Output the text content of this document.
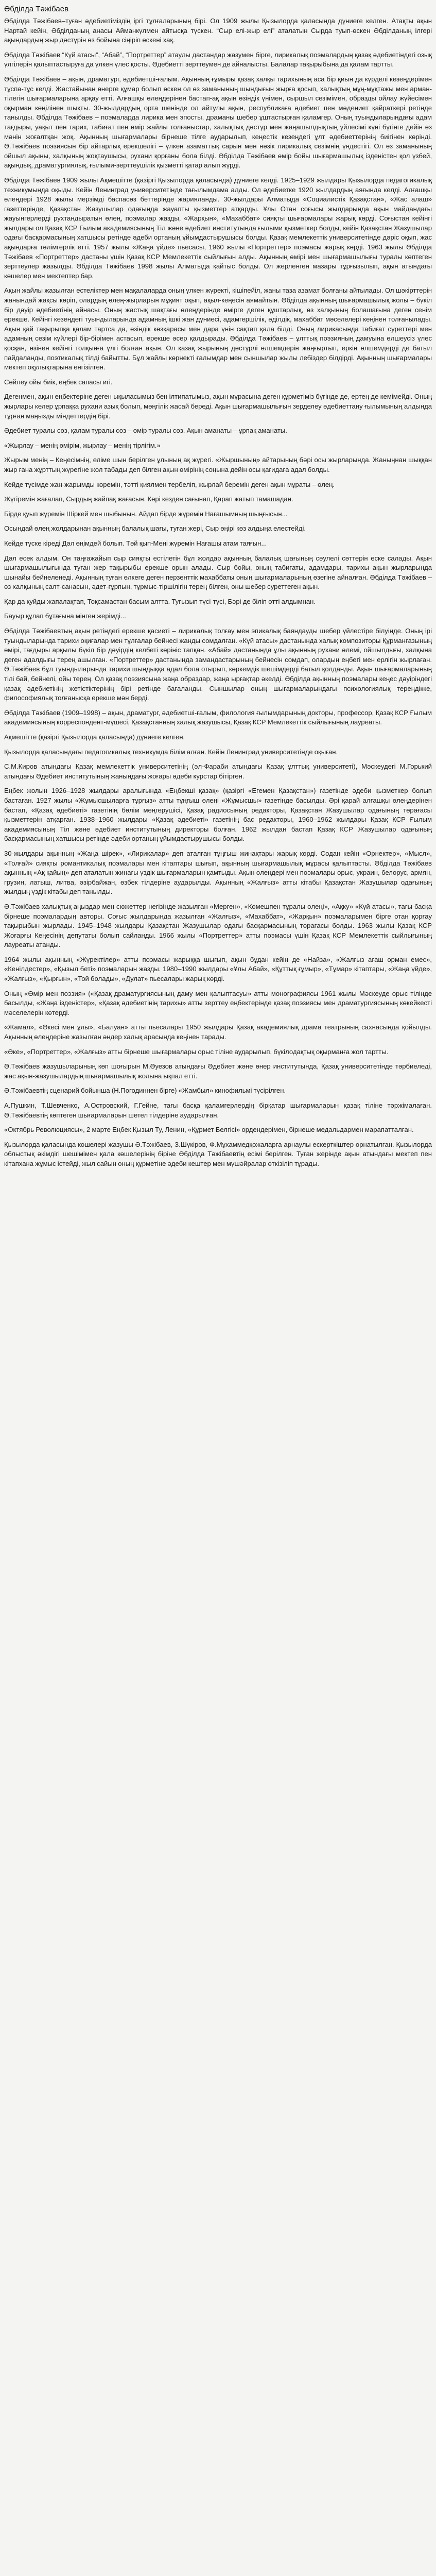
Әбділда Тәжібаев

Әбділда Тәжібаев–туған әдебиетіміздің іргі тұлғаларының бірі. Ол 1909 жылы Қызылорда қаласында дүниеге келген. Атақты ақын Нартай кейін, Әбділданың анасы Айманкүлмен айтысқа түскен. “Сыр елі-жыр елі” аталатын Сырда туып-өскен Әбділданың ілгері ақындардың жыр дәстүрін өз бойына сіңіріп өскені хақ.

Әбділда Тәжібаев “Күй атасы”, “Абай”, “Портреттер” атаулы дастандар жазумен бірге, лирикалық поэмалардың қазақ әдебиетіндегі озық үлгілерін қалыптастыруға да үлкен үлес қосты. Әдебиетті зерттеумен де айналысты. Балалар тақырыбына да қалам тартты.

Әбділда Тәжібаев – ақын, драматург, әдебиетші-ғалым. Ақынның ғұмыры қазақ халқы тарихының аса бір қиын да күрделі кезеңдерімен тұспа-тұс келді. Жастайынан өнерге құмар болып өскен ол өз заманының шындығын жырға қосып, халықтың мұң-мұқтажы мен арман-тілегін шығармаларына арқау етті. Алғашқы өлеңдерінен бастап-ақ ақын өзіндік үнімен, сыршыл сезімімен, образды ойлау жүйесімен оқырман көңілінен шықты. 30-жылдардың орта шенінде ол айтулы ақын, республикаға әдебиет пен мәдениет қайраткері ретінде танылды. Әбділда Тәжібаев – поэмаларда лирика мен эпосты, драманы шебер ұштастырған қаламгер. Оның туындыларындағы адам тағдыры, уақыт пен тарих, табиғат пен өмір жайлы толғаныстар, халықтық дәстүр мен жаңашылдықтың үйлесімі күні бүгінге дейін өз мәнін жоғалтқан жоқ. Ақынның шығармалары бірнеше тілге аударылып, кеңестік кезеңдегі ұлт әдебиеттерінің биігінен көрінді. Ә.Тәжібаев поэзиясын бір айтарлық ерекшелігі – үлкен азаматтық сарын мен нәзік лирикалық сезімнің үндестігі. Ол өз заманының ойшыл ақыны, халқының жоқтаушысы, рухани қорғаны бола білді. Әбділда Тәжібаев өмір бойы шығармашылық ізденістен қол үзбей, ақындық, драматургиялық, ғылыми-зерттеушілік қызметті қатар алып жүрді.

Әбділда Тәжібаев 1909 жылы Ақмешітте (қазіргі Қызылорда қаласында) дүниеге келді. 1925–1929 жылдары Қызылорда педагогикалық техникумында оқыды. Кейін Ленинград университетінде тағылымдама алды. Ол әдебиетке 1920 жылдардың аяғында келді. Алғашқы өлеңдері 1928 жылы мерзімді баспасөз беттерінде жарияланды. 30-жылдары Алматыда «Социалистік Қазақстан», «Жас алаш» газеттерінде, Қазақстан Жазушылар одағында жауапты қызметтер атқарды. Ұлы Отан соғысы жылдарында ақын майдандағы жауынгерлерді рухтандыратын өлең, поэмалар жазды, «Жарқын», «Махаббат» сияқты шығармалары жарық көрді. Соғыстан кейінгі жылдары ол Қазақ КСР Ғылым академиясының Тіл және әдебиет институтында ғылыми қызметкер болды, кейін Қазақстан Жазушылар одағы басқармасының хатшысы ретінде әдеби ортаның ұйымдастырушысы болды. Қазақ мемлекеттік университетінде дәріс оқып, жас ақындарға тәлімгерлік етті. 1957 жылы «Жаңа үйде» пьесасы, 1960 жылы «Портреттер» поэмасы жарық көрді. 1963 жылы Әбділда Тәжібаев «Портреттер» дастаны үшін Қазақ КСР Мемлекеттік сыйлығын алды. Ақынның өмірі мен шығармашылығы туралы көптеген зерттеулер жазылды. Әбділда Тәжібаев 1998 жылы Алматыда қайтыс болды. Ол жерленген мазары тұрғызылып, ақын атындағы көшелер мен мектептер бар.

Ақын жайлы жазылған естеліктер мен мақалаларда оның үлкен жүректі, кішіпейіл, жаны таза азамат болғаны айтылады. Ол шәкірттерін жанындай жақсы көріп, олардың өлең-жырларын мұқият оқып, ақыл-кеңесін аямайтын. Әбділда ақынның шығармашылық жолы – бүкіл бір дәуір әдебиетінің айнасы. Оның жастық шақтағы өлеңдерінде өмірге деген құштарлық, өз халқының болашағына деген сенім ерекше. Кейінгі кезеңдегі туындыларында адамның ішкі жан дүниесі, адамгершілік, әділдік, махаббат мәселелері кеңінен толғанылады. Ақын қай тақырыпқа қалам тартса да, өзіндік көзқарасы мен дара үнін сақтап қала білді. Оның лирикасында табиғат суреттері мен адамның сезім күйлері бір-бірімен астасып, ерекше әсер қалдырады. Әбділда Тәжібаев – ұлттық поэзияның дамуына өлшеусіз үлес қосқан, өзінен кейінгі толқынға үлгі болған ақын. Ол қазақ жырының дәстүрлі өлшемдерін жаңғыртып, еркін өлшемдерді де батыл пайдаланды, поэтикалық тілді байытты. Бұл жайлы көрнекті ғалымдар мен сыншылар жылы лебіздер білдірді. Ақынның шығармалары мектеп оқулықтарына енгізілген.

Сөйлеу ойы биік, еңбек сапасы игі.

Дегенмен, ақын еңбектеріне деген ықыласымыз бен ілтипатымыз, ақын мұрасына деген құрметіміз бүгінде де, ертең де кемімейді. Оның жырлары келер ұрпаққа рухани азық болып, мәңгілік жасай береді. Ақын шығармашылығын зерделеу әдебиеттану ғылымының алдында тұрған маңызды міндеттердің бірі.

Әдебиет туралы сөз, қалам туралы сөз – өмір туралы сөз. Ақын аманаты – ұрпақ аманаты.

«Жырлау – менің өмірім, жырлау – менің тірлігім.»

Жырым менің – Кеңесімнің, еліме шын берілген ұлының ақ жүрегі. «Жыршының» айтарының бәрі осы жырларында. Жаныңнан шыққан жыр ғана жұрттың жүрегіне жол табады деп білген ақын өмірінің соңына дейін осы қағидаға адал болды.

Кейде түсімде жан-жарымды көремін, тәтті қиялмен тербеліп, жырлай беремін деген ақын мұраты – өлең.

Жүгіремін жағалап, Сырдың жайпақ жағасын. Көрі кезден сағынап, Қарап жатып тамашадан.

Бірде қуып жүремін Шіркей мен шыбынын. Айдап бірде жүремін Нағашымның шыңғысын...

Осындай өлең жолдарынан ақынның балалық шағы, туған жері, Сыр өңірі көз алдыңа елестейді.

Кейде түске кіреді Дәл өңімдей болып. Тәй қып-Мені жүремін Нағашы атам таяғын...

Дәл есек алдым. Он таңғажайып сыр сияқты естілетін бұл жолдар ақынның балалық шағының сәулелі сәттерін еске салады. Ақын шығармашылығында туған жер тақырыбы ерекше орын алады. Сыр бойы, оның табиғаты, адамдары, тарихы ақын жырларында шынайы бейнеленеді. Ақынның туған өлкеге деген перзенттік махаббаты оның шығармаларының өзегіне айналған. Әбділда Тәжібаев – өз халқының салт-санасын, әдет-ғұрпын, тұрмыс-тіршілігін терең білген, оны шебер суреттеген ақын.

Қар да қуйды жапалақтап, Тоқсамастан басым алтта. Туғызып түсі-түсі, Бәрі де біліп өтті алдымнан.

Бауыр құлап бұтағына мінген жерімді...

Әбділда Тәжібаевтың ақын ретіндегі ерекше қасиеті – лирикалық толғау мен эпикалық баяндауды шебер үйлестіре білуінде. Оның ірі туындыларында тарихи оқиғалар мен тұлғалар бейнесі жанды сомдалған. «Күй атасы» дастанында халық композиторы Құрманғазының өмірі, тағдыры арқылы бүкіл бір дәуірдің келбеті көрініс тапқан. «Абай» дастанында ұлы ақынның рухани әлемі, ойшылдығы, халқына деген адалдығы терең ашылған. «Портреттер» дастанында замандастарының бейнесін сомдап, олардың еңбегі мен ерлігін жырлаған. Ә.Тәжібаев бұл туындыларында тарихи шындыққа адал бола отырып, көркемдік шешімдерді батыл қолданды. Ақын шығармаларының тілі бай, бейнелі, ойы терең. Ол қазақ поэзиясына жаңа образдар, жаңа ырғақтар әкелді. Әбділда ақынның поэмалары кеңес дәуіріндегі қазақ әдебиетінің жетістіктерінің бірі ретінде бағаланды. Сыншылар оның шығармаларындағы психологиялық тереңдікке, философиялық толғанысқа ерекше мән берді.

Әбділда Тәжібаев (1909–1998) – ақын, драматург, әдебиетші-ғалым, филология ғылымдарының докторы, профессор, Қазақ КСР Ғылым академиясының корреспондент-мүшесі, Қазақстанның халық жазушысы, Қазақ КСР Мемлекеттік сыйлығының лауреаты.

Ақмешітте (қазіргі Қызылорда қаласында) дүниеге келген.

Қызылорда қаласындағы педагогикалық техникумда білім алған. Кейін Ленинград университетінде оқыған.

С.М.Киров атындағы Қазақ мемлекеттік университетінің (әл-Фараби атындағы Қазақ ұлттық университеті), Мәскеудегі М.Горький атындағы Әдебиет институтының жанындағы жоғары әдеби курстар бітірген.

Еңбек жолын 1926–1928 жылдары аралығында «Еңбекші қазақ» (қазіргі «Егемен Қазақстан») газетінде әдеби қызметкер болып бастаған. 1927 жылы «Жұмысшыларға тұрғыз» атты тұңғыш өлеңі «Жұмысшы» газетінде басылды. Әрі қарай алғашқы өлеңдерінен бастап, «Қазақ әдебиеті» газетінің бөлім меңгерушісі, Қазақ радиосының редакторы, Қазақстан Жазушылар одағының төрағасы қызметтерін атқарған. 1938–1960 жылдары «Қазақ әдебиеті» газетінің бас редакторы, 1960–1962 жылдары Қазақ КСР Ғылым академиясының Тіл және әдебиет институтының директоры болған. 1962 жылдан бастап Қазақ КСР Жазушылар одағының басқармасының хатшысы ретінде әдеби ортаның ұйымдастырушысы болды.

30-жылдары ақынның «Жаңа шірек», «Лирикалар» деп аталған тұңғыш жинақтары жарық көрді. Содан кейін «Орнектер», «Мысл», «Толғай» сияқты романтикалық поэмалары мен кітаптары шығып, ақынның шығармашылық мұрасы қалыптасты. Әбділда Тәжібаев ақынның «Ақ қайың» деп аталатын жинағы үздік шығармаларын қамтыды. Ақын өлеңдері мен поэмалары орыс, украин, белорус, армян, грузин, латыш, литва, әзірбайжан, өзбек тілдеріне аударылды. Ақынның «Жалғыз» атты кітабы Қазақстан Жазушылар одағының жылдың үздік кітабы деп танылды.

Ә.Тәжібаев халықтық аңыздар мен сюжеттер негізінде жазылған «Мерген», «Көмешпен тұралы өлеңі», «Ақку» «Күй атасы», тағы басқа бірнеше поэмалардың авторы. Соғыс жылдарында жазылған «Жалғыз», «Махаббат», «Жарқын» поэмаларымен бірге отан қорғау тақырыбын жырлады. 1945–1948 жылдары Қазақстан Жазушылар одағы басқармасының төрағасы болды. 1963 жылы Қазақ КСР Жоғарғы Кеңесінің депутаты болып сайланды. 1966 жылы «Портреттер» атты поэмасы үшін Қазақ КСР Мемлекеттік сыйлығының лауреаты атанды.

1964 жылы ақынның «Жүректілер» атты поэмасы жарыққа шығып, ақын бұдан кейін де «Найза», «Жалғыз ағаш орман емес», «Кенілдестер», «Қызыл беті» поэмаларын жазды. 1980–1990 жылдары «Ұлы Абай», «Құттық ғұмыр», «Тұмар» кітаптары, «Жаңа үйде», «Жалғыз», «Қырғын», «Той болады», «Дулат» пьесалары жарық көрді.

Оның «Өмір мен поэзия» («Қазақ драматургиясының даму мен қалыптасуы» атты монографиясы 1961 жылы Мәскеуде орыс тілінде басылды, «Жаңа ізденістер», «Қазақ әдебиетінің тарихы» атты зерттеу еңбектерінде қазақ поэзиясы мен драматургиясының көкейкесті мәселелерін көтерді.

«Жамал», «Әкесі мен ұлы», «Балуан» атты пьесалары 1950 жылдары Қазақ академиялық драма театрының сахнасында қойылды. Ақынның өлеңдеріне жазылған әндер халық арасында кеңінен тарады.

«Әке», «Портреттер», «Жалғыз» атты бірнеше шығармалары орыс тіліне аударылып, бүкілодақтық оқырманға жол тартты.

Ә.Тәжібаев жазушыларының көп шоғырын М.Әуезов атындағы Әдебиет және өнер институтында, Қазақ университетінде тәрбиеледі, жас ақын-жазушылардың шығармашылық жолына ықпал етті.

Ә.Тәжібаевтің сценарий бойынша (Н.Погодиннен бірге) «Жамбыл» кинофильмі түсірілген.

А.Пушкин, Т.Шевченко, А.Островский, Г.Гейне, тағы басқа қаламгерлердің бірқатар шығармаларын қазақ тіліне тәржімалаған. Ә.Тәжібаевтің көптеген шығармаларын шетел тілдеріне аударылған.

«Октябрь Революциясы», 2 марте Еңбек Қызыл Ту, Ленин, «Құрмет Белгісі» ордендерімен, бірнеше медальдармен марапатталған.

Қызылорда қаласында көшелері жазушы Ә.Тәжібаев, З.Шүкіров, Ф.Мұхаммедқожаларға арнаулы ескерткіштер орнатылған. Қызылорда облыстық әкімдігі шешімімен қала көшелерінің біріне Әбділда Тәжібаевтің есімі берілген. Туған жерінде ақын атындағы мектеп пен кітапхана жұмыс істейді, жыл сайын оның құрметіне әдеби кештер мен мүшәйралар өткізіліп тұрады.
